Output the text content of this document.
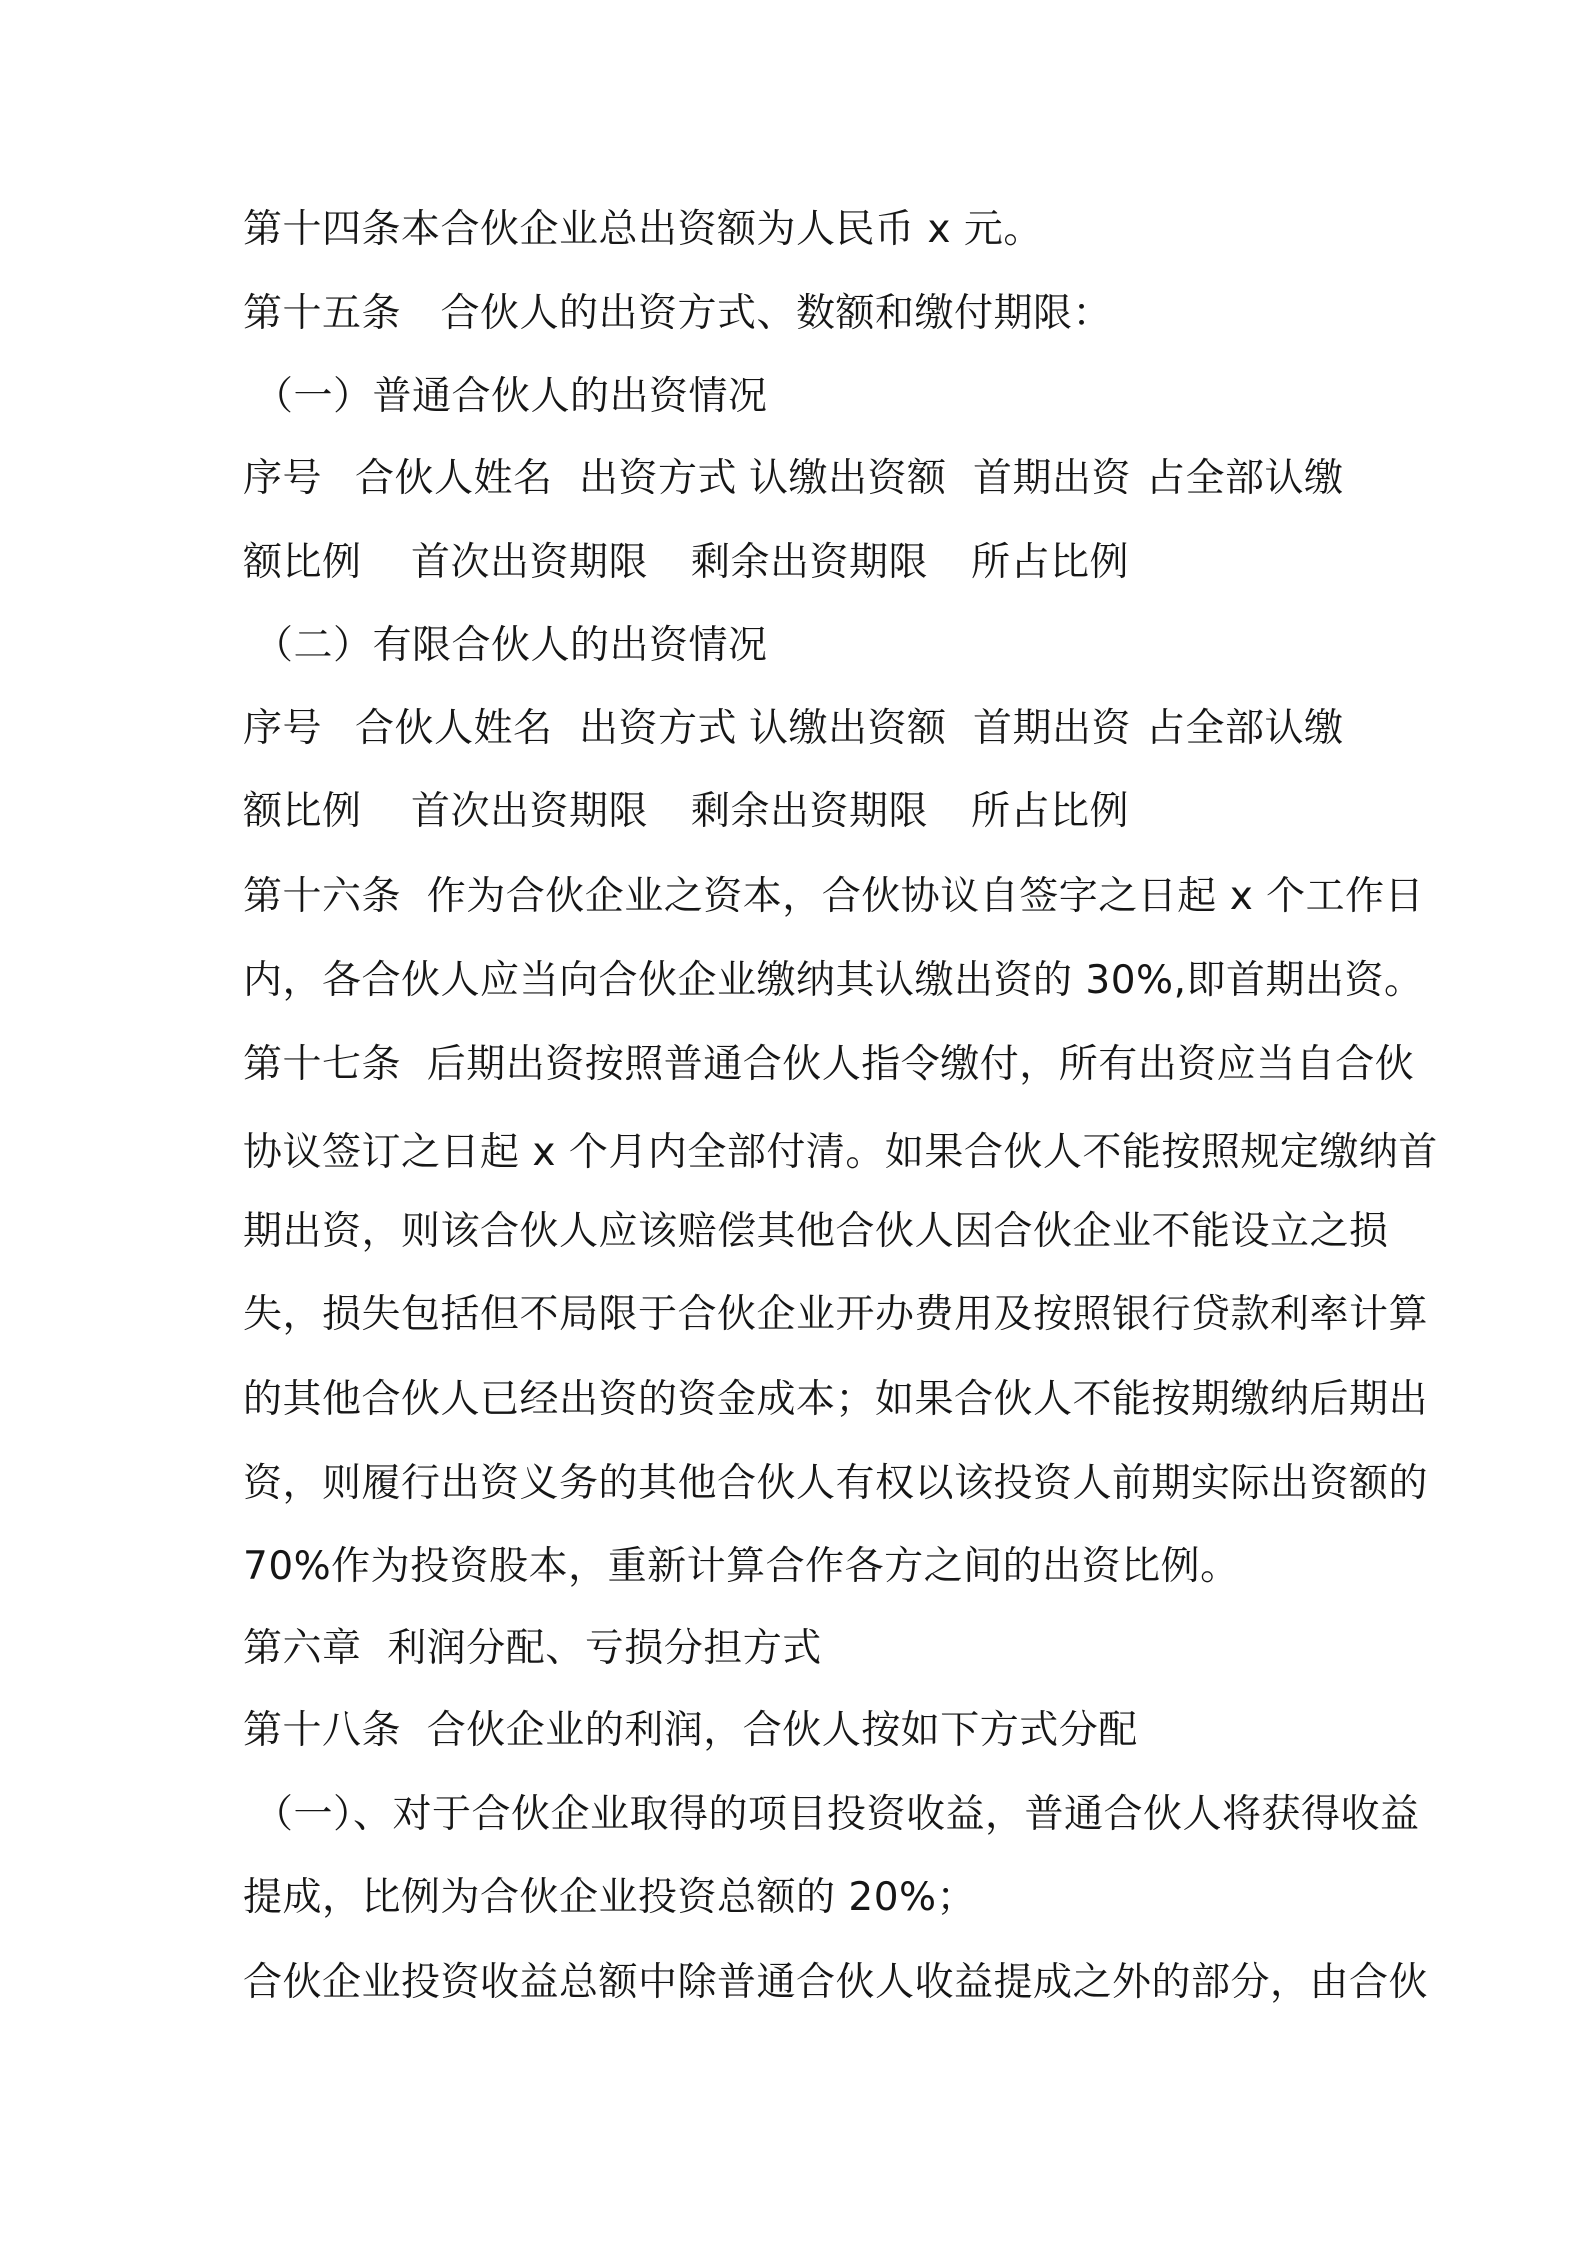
第十四条本合伙企业总出资额为人民币 x 元。
第十五条　合伙人的出资方式、数额和缴付期限：
（一）普通合伙人的出资情况
序号 合伙人姓名 出资方式 认缴出资额 首期出资 占全部认缴
额比例 首次出资期限 剩余出资期限 所占比例
（二）有限合伙人的出资情况
序号 合伙人姓名 出资方式 认缴出资额 首期出资 占全部认缴
额比例 首次出资期限 剩余出资期限 所占比例
第十六条  作为合伙企业之资本，合伙协议自签字之日起 x 个工作日
内，各合伙人应当向合伙企业缴纳其认缴出资的 30%,即首期出资。
第十七条  后期出资按照普通合伙人指令缴付，所有出资应当自合伙
协议签订之日起 x 个月内全部付清。如果合伙人不能按照规定缴纳首
期出资，则该合伙人应该赔偿其他合伙人因合伙企业不能设立之损
失，损失包括但不局限于合伙企业开办费用及按照银行贷款利率计算
的其他合伙人已经出资的资金成本；如果合伙人不能按期缴纳后期出
资，则履行出资义务的其他合伙人有权以该投资人前期实际出资额的
70%作为投资股本，重新计算合作各方之间的出资比例。
第六章  利润分配、亏损分担方式
第十八条  合伙企业的利润，合伙人按如下方式分配
（一）、对于合伙企业取得的项目投资收益，普通合伙人将获得收益
提成，比例为合伙企业投资总额的 20%；
合伙企业投资收益总额中除普通合伙人收益提成之外的部分，由合伙
